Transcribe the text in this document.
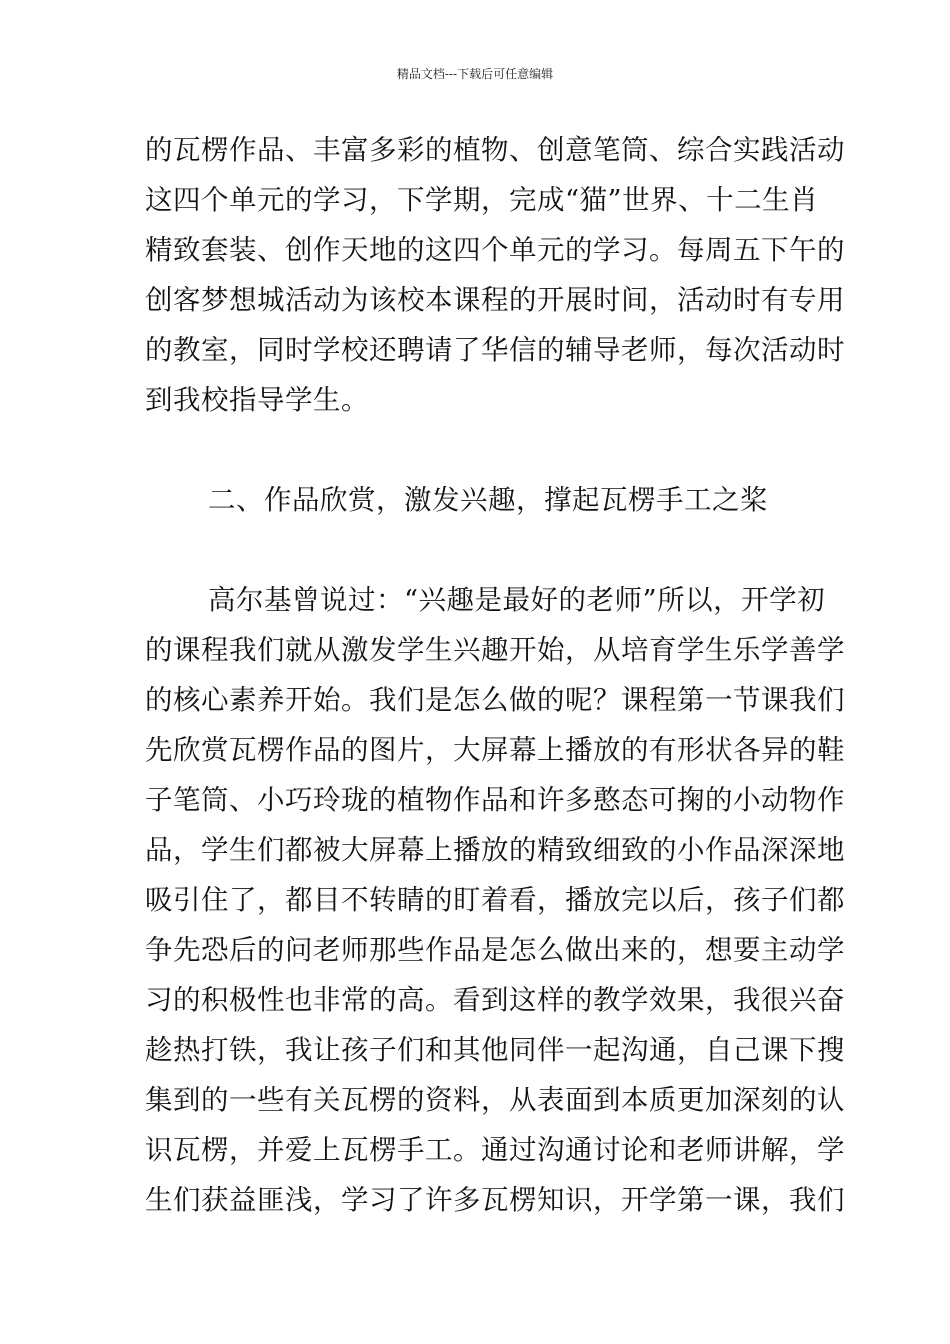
精品文档---下载后可任意编辑
的瓦楞作品、丰富多彩的植物、创意笔筒、综合实践活动
这四个单元的学习，下学期，完成“猫”世界、十二生肖
精致套装、创作天地的这四个单元的学习。每周五下午的
创客梦想城活动为该校本课程的开展时间，活动时有专用
的教室，同时学校还聘请了华信的辅导老师，每次活动时
到我校指导学生。
二、作品欣赏，激发兴趣，撑起瓦楞手工之桨
高尔基曾说过：“兴趣是最好的老师”所以，开学初
的课程我们就从激发学生兴趣开始，从培育学生乐学善学
的核心素养开始。我们是怎么做的呢？课程第一节课我们
先欣赏瓦楞作品的图片，大屏幕上播放的有形状各异的鞋
子笔筒、小巧玲珑的植物作品和许多憨态可掬的小动物作
品，学生们都被大屏幕上播放的精致细致的小作品深深地
吸引住了，都目不转睛的盯着看，播放完以后，孩子们都
争先恐后的问老师那些作品是怎么做出来的，想要主动学
习的积极性也非常的高。看到这样的教学效果，我很兴奋
趁热打铁，我让孩子们和其他同伴一起沟通，自己课下搜
集到的一些有关瓦楞的资料，从表面到本质更加深刻的认
识瓦楞，并爱上瓦楞手工。通过沟通讨论和老师讲解，学
生们获益匪浅，学习了许多瓦楞知识，开学第一课，我们
